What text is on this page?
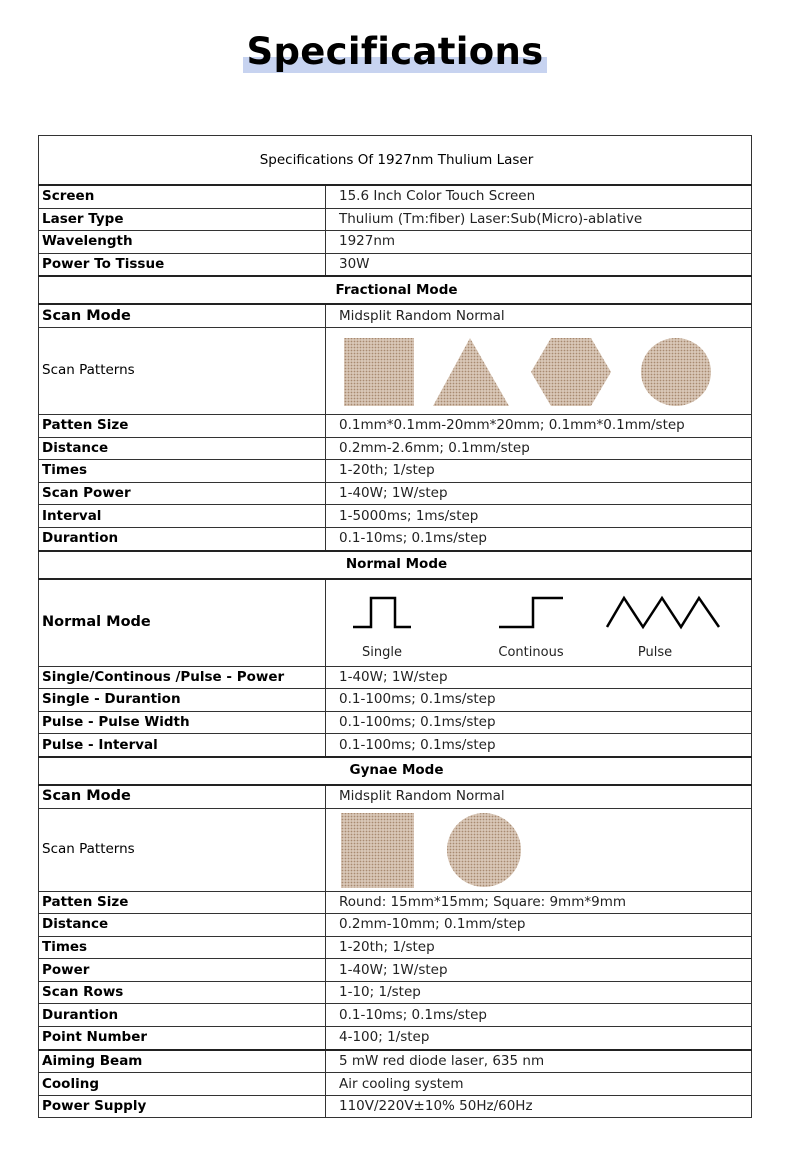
Specifications
Specifications Of 1927nm Thulium Laser	
Screen	15.6 Inch Color Touch Screen
Laser Type	Thulium (Tm:fiber) Laser:Sub(Micro)-ablative
Wavelength	1927nm
Power To Tissue	30W
Fractional Mode	
Scan Mode	Midsplit Random Normal
Scan Patterns	

Patten Size	0.1mm*0.1mm-20mm*20mm; 0.1mm*0.1mm/step
Distance	0.2mm-2.6mm; 0.1mm/step
Times	1-20th; 1/step
Scan Power	1-40W; 1W/step
Interval	1-5000ms; 1ms/step
Durantion	0.1-10ms; 0.1ms/step
Normal Mode	
Normal Mode	Single Continous Pulse

Single/Continous /Pulse - Power	1-40W; 1W/step
Single - Durantion	0.1-100ms; 0.1ms/step
Pulse - Pulse Width	0.1-100ms; 0.1ms/step
Pulse - Interval	0.1-100ms; 0.1ms/step
Gynae Mode	
Scan Mode	Midsplit Random Normal
Scan Patterns	

Patten Size	Round: 15mm*15mm; Square: 9mm*9mm
Distance	0.2mm-10mm; 0.1mm/step
Times	1-20th; 1/step
Power	1-40W; 1W/step
Scan Rows	1-10; 1/step
Durantion	0.1-10ms; 0.1ms/step
Point Number	4-100; 1/step
Aiming Beam	5 mW red diode laser, 635 nm
Cooling	Air cooling system
Power Supply	110V/220V±10% 50Hz/60Hz
